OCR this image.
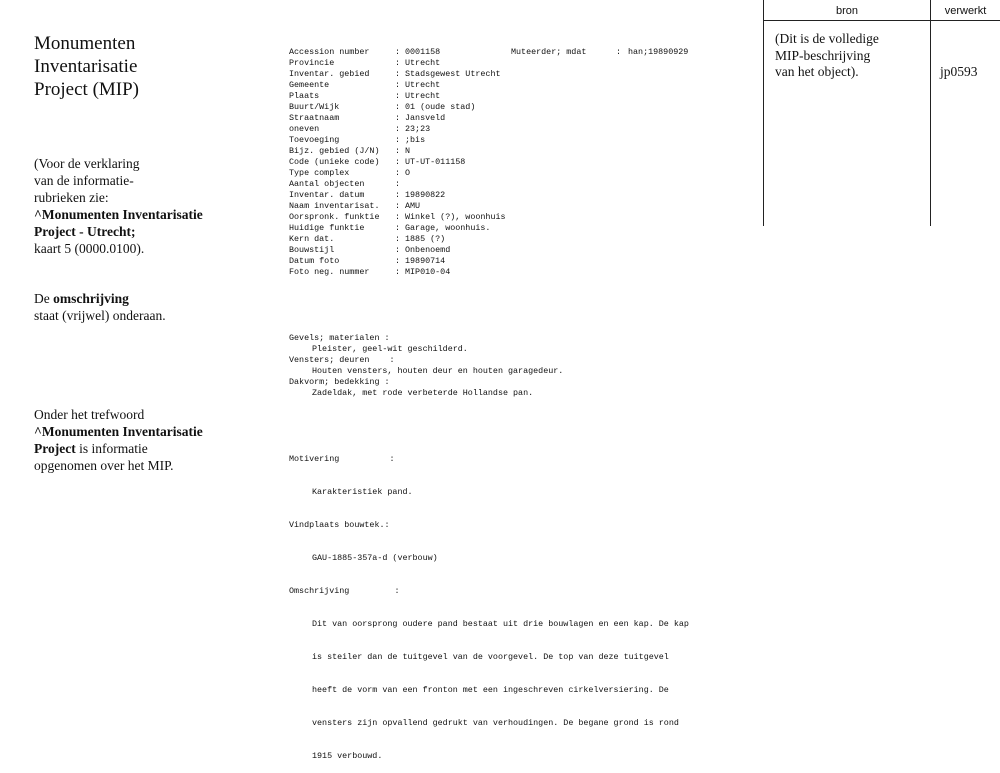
Monumenten
Inventarisatie
Project (MIP)
(Voor de verklaring
van de informatie-
rubrieken zie:
^Monumenten Inventarisatie
Project - Utrecht;
kaart 5 (0000.0100).
De omschrijving
staat (vrijwel) onderaan.
Onder het trefwoord
^Monumenten Inventarisatie
Project is informatie
opgenomen over het MIP.

Accession number	: 0001158	Muteerder; mdat	: han;19890929
Provincie	: Utrecht
Inventar. gebied	: Stadsgewest Utrecht
Gemeente	: Utrecht
Plaats	: Utrecht
Buurt/Wijk	: 01 (oude stad)
Straatnaam	: Jansveld
oneven	: 23;23
Toevoeging	: ;bis
Bijz. gebied (J/N)	: N
Code (unieke code)	: UT-UT-011158
Type complex	: O
Aantal objecten	:
Inventar. datum	: 19890822
Naam inventarisat.	: AMU
Oorspronk. funktie	: Winkel (?), woonhuis
Huidige funktie	: Garage, woonhuis.
Kern dat.	: 1885 (?)
Bouwstijl	: Onbenoemd
Datum foto	: 19890714
Foto neg. nummer	: MIP010-04

Gevels; materialen :
Pleister, geel-wit geschilderd.
Vensters; deuren    :
Houten vensters, houten deur en houten garagedeur.
Dakvorm; bedekking :
Zadeldak, met rode verbeterde Hollandse pan.

Motivering          :

Karakteristiek pand.

Vindplaats bouwtek.:

GAU-1885-357a-d (verbouw)

Omschrijving         :

Dit van oorsprong oudere pand bestaat uit drie bouwlagen en een kap. De kap

is steiler dan de tuitgevel van de voorgevel. De top van deze tuitgevel

heeft de vorm van een fronton met een ingeschreven cirkelversiering. De

vensters zijn opvallend gedrukt van verhoudingen. De begane grond is rond

1915 verbouwd.

bron	verwerkt
(Dit is de volledige
MIP-beschrijving
van het object).	jp0593
